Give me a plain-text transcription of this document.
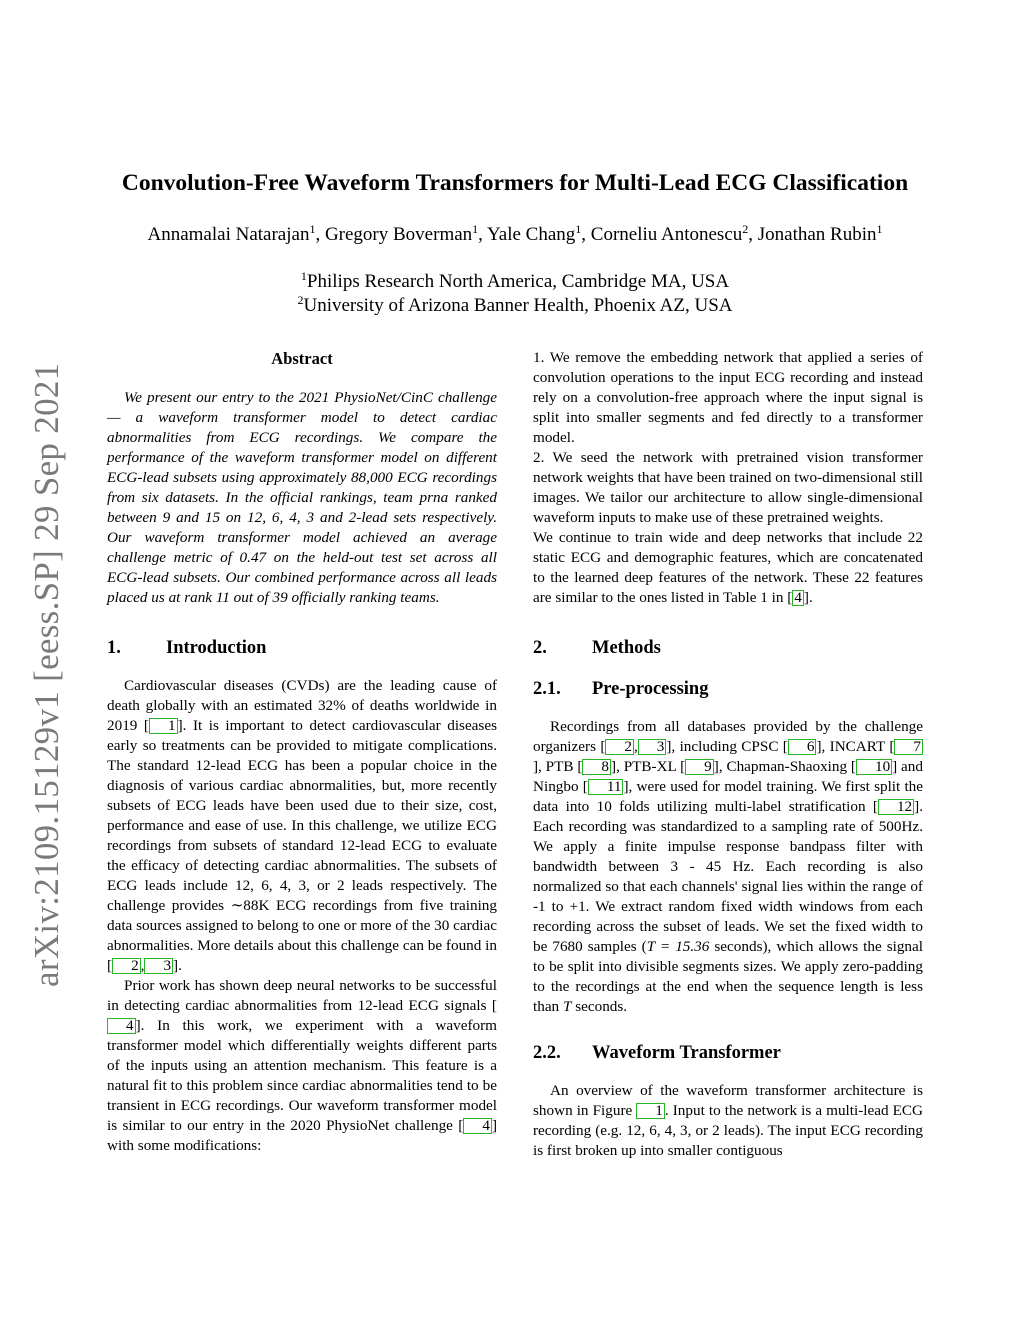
arXiv:2109.15129v1 [eess.SP] 29 Sep 2021
Convolution-Free Waveform Transformers for Multi-Lead ECG Classification
Annamalai Natarajan$^1$, Gregory Boverman$^1$, Yale Chang$^1$, Corneliu Antonescu$^2$, Jonathan Rubin$^1$
$^1$Philips Research North America, Cambridge MA, USA
$^2$University of Arizona Banner Health, Phoenix AZ, USA
Abstract

We present our entry to the 2021 PhysioNet/CinC challenge — a waveform transformer model to detect cardiac abnormalities from ECG recordings. We compare the performance of the waveform transformer model on different ECG-lead subsets using approximately 88,000 ECG recordings from six datasets. In the official rankings, team prna ranked between 9 and 15 on 12, 6, 4, 3 and 2-lead sets respectively. Our waveform transformer model achieved an average challenge metric of 0.47 on the held-out test set across all ECG-lead subsets. Our combined performance across all leads placed us at rank 11 out of 39 officially ranking teams.

1. Introduction

Cardiovascular diseases (CVDs) are the leading cause of death globally with an estimated 32% of deaths worldwide in 2019 [ 1 ]. It is important to detect cardiovascular diseases early so treatments can be provided to mitigate complications. The standard 12-lead ECG has been a popular choice in the diagnosis of various cardiac abnormalities, but, more recently subsets of ECG leads have been used due to their size, cost, performance and ease of use. In this challenge, we utilize ECG recordings from subsets of standard 12-lead ECG to evaluate the efficacy of detecting cardiac abnormalities. The subsets of ECG leads include 12, 6, 4, 3, or 2 leads respectively. The challenge provides ∼88K ECG recordings from five training data sources assigned to belong to one or more of the 30 cardiac abnormalities. More details about this challenge can be found in [ 2 , 3 ].

Prior work has shown deep neural networks to be successful in detecting cardiac abnormalities from 12-lead ECG signals [4 ]. In this work, we experiment with a waveform transformer model which differentially weights different parts of the inputs using an attention mechanism. This feature is a natural fit to this problem since cardiac abnormalities tend to be transient in ECG recordings. Our waveform transformer model is similar to our entry in the 2020 PhysioNet challenge [ 4 ] with some modifications:

1. We remove the embedding network that applied a series of convolution operations to the input ECG recording and instead rely on a convolution-free approach where the input signal is split into smaller segments and fed directly to a transformer model.

2. We seed the network with pretrained vision transformer network weights that have been trained on two-dimensional still images. We tailor our architecture to allow single-dimensional waveform inputs to make use of these pretrained weights.

We continue to train wide and deep networks that include 22 static ECG and demographic features, which are concatenated to the learned deep features of the network. These 22 features are similar to the ones listed in Table 1 in [ 4 ].

2. Methods
2.1. Pre-processing

Recordings from all databases provided by the challenge organizers [ 2 , 3 ], including CPSC [ 6 ], INCART [ 7], PTB [ 8 ], PTB-XL [ 9 ], Chapman-Shaoxing [ 10 ] and Ningbo [ 11 ], were used for model training. We first split the data into 10 folds utilizing multi-label stratification [ 12 ]. Each recording was standardized to a sampling rate of 500Hz. We apply a finite impulse response bandpass filter with bandwidth between 3 - 45 Hz. Each recording is also normalized so that each channels' signal lies within the range of -1 to +1. We extract random fixed width windows from each recording across the subset of leads. We set the fixed width to be 7680 samples (T = 15.36 seconds), which allows the signal to be split into divisible segments sizes. We apply zero-padding to the recordings at the end when the sequence length is less than T seconds.

2.2. Waveform Transformer

An overview of the waveform transformer architecture is shown in Figure 1 . Input to the network is a multi-lead ECG recording (e.g. 12, 6, 4, 3, or 2 leads). The input ECG recording is first broken up into smaller contiguous
